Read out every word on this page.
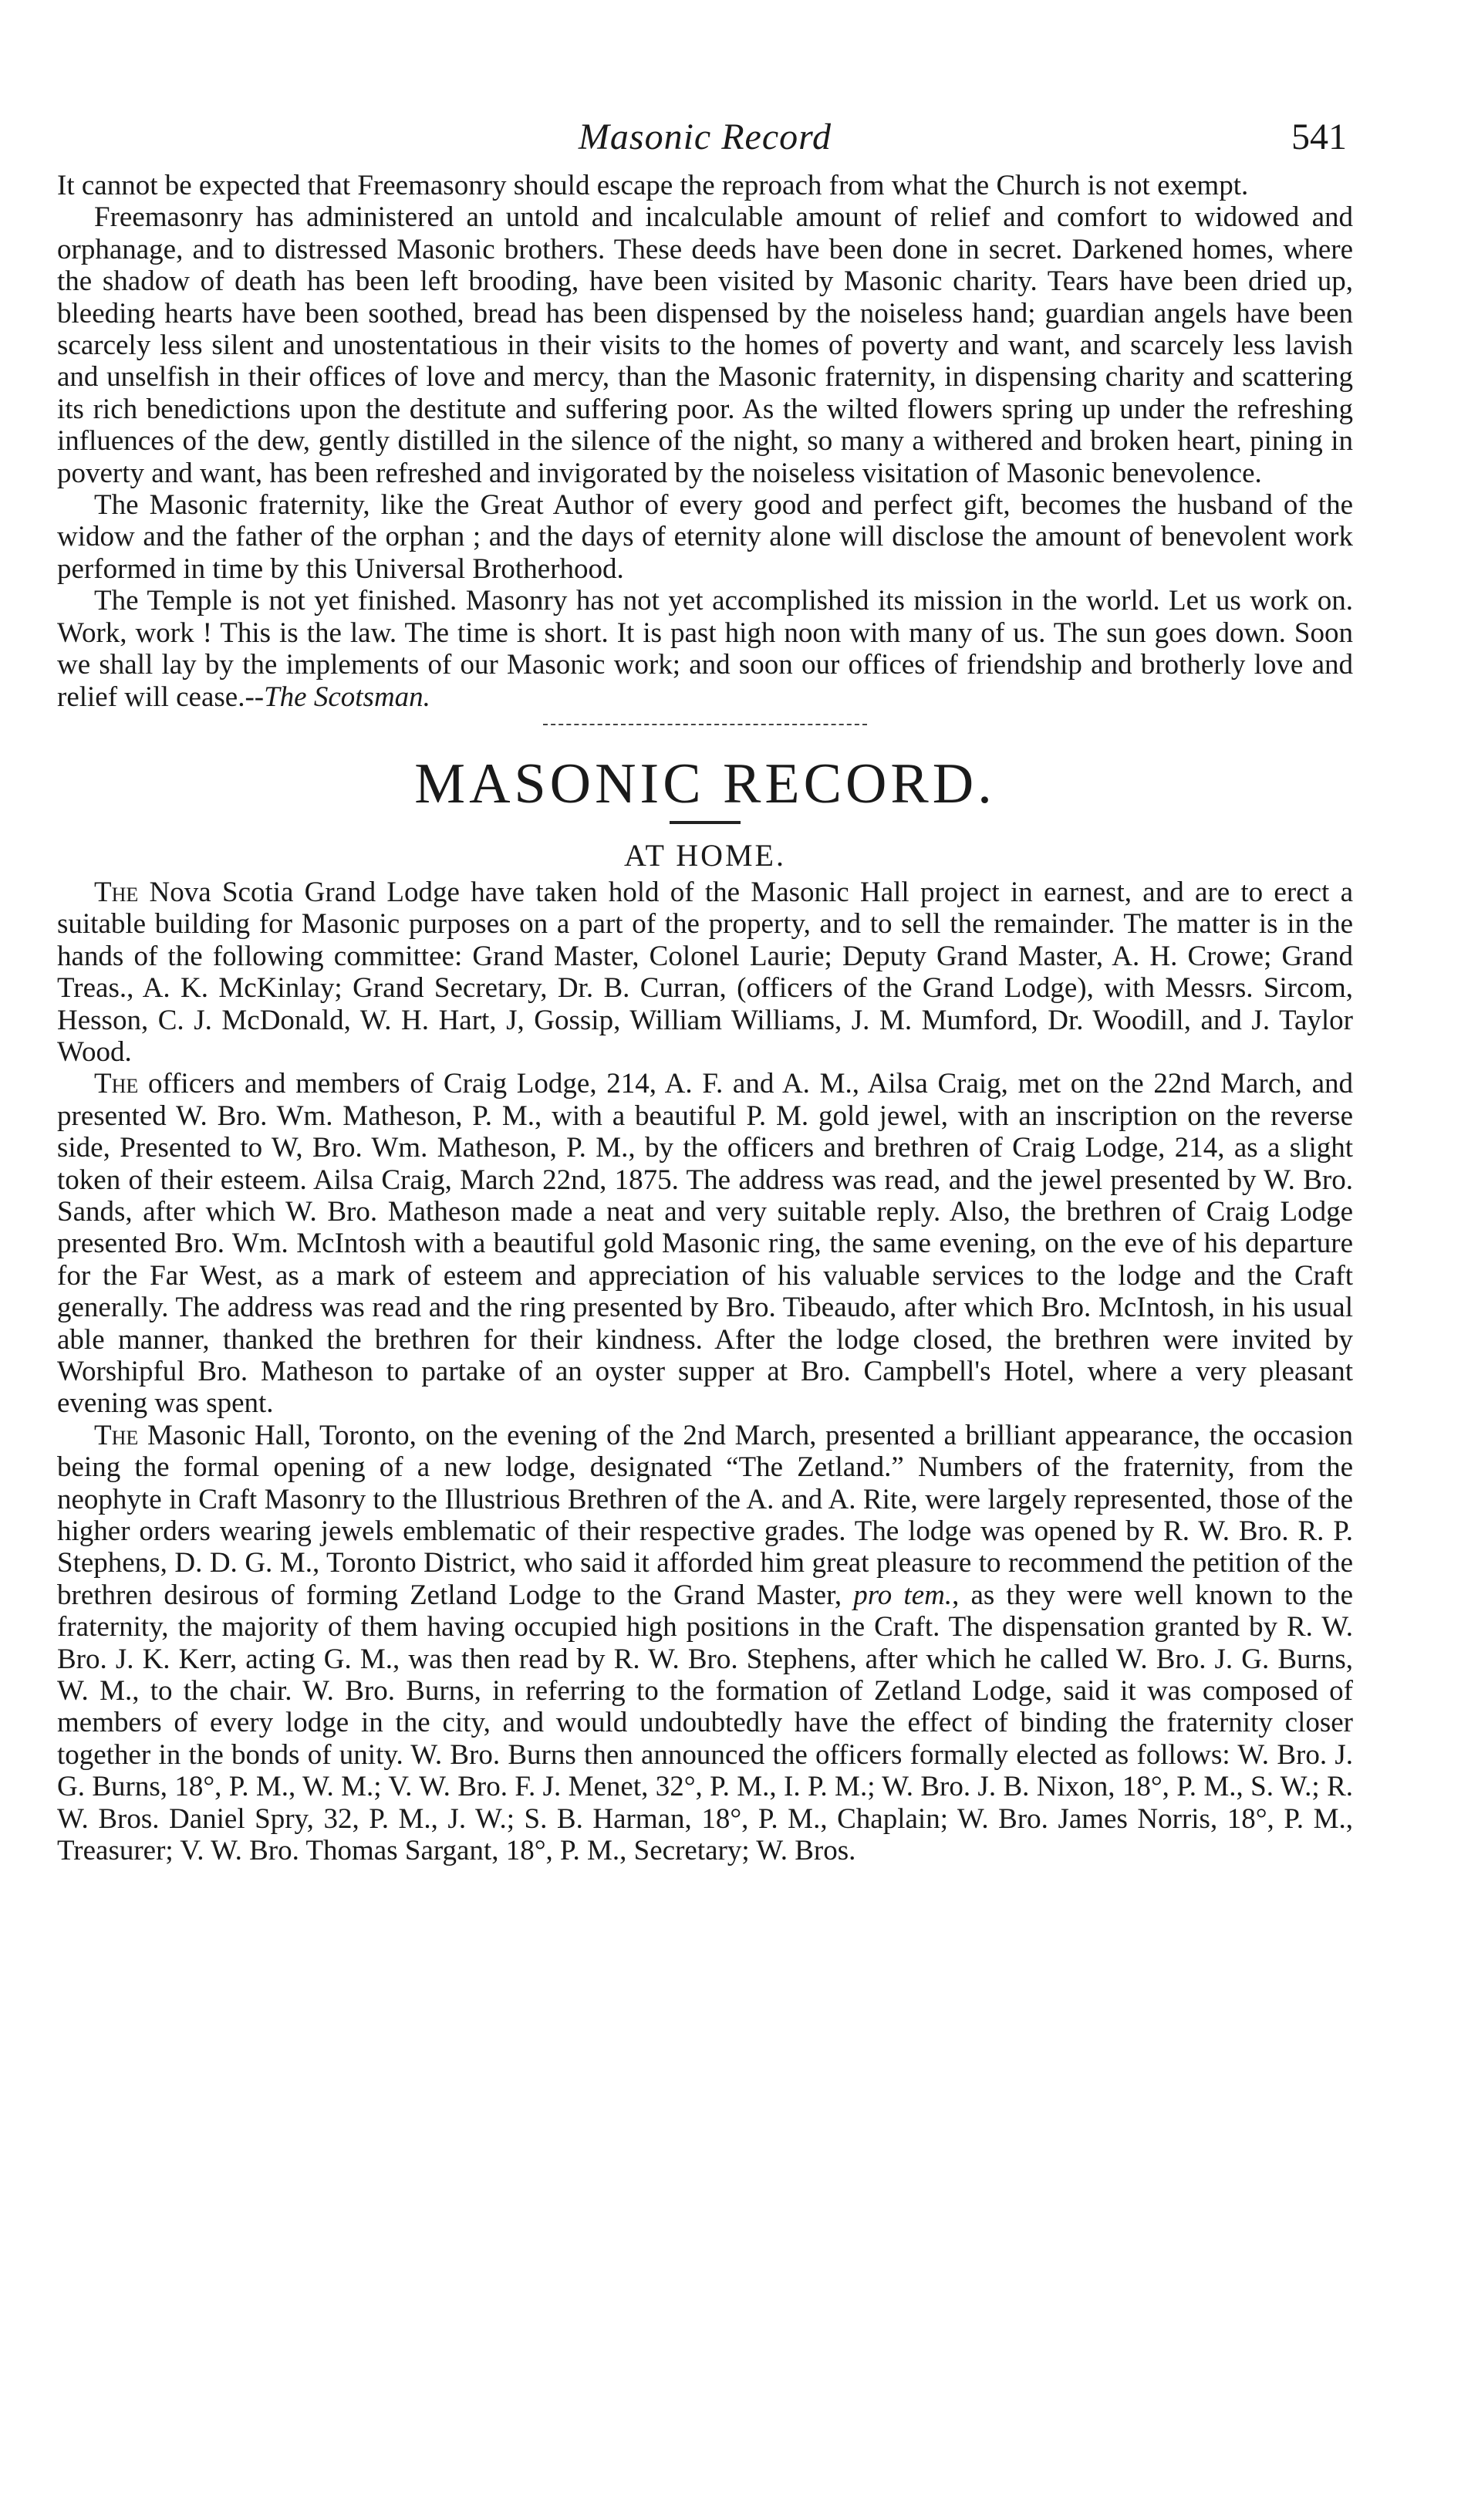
Masonic Record	541

It cannot be expected that Freemasonry should escape the reproach from what the Church is not exempt.

Freemasonry has administered an untold and incalculable amount of relief and comfort to widowed and orphanage, and to distressed Masonic brothers. These deeds have been done in secret. Darkened homes, where the shadow of death has been left brooding, have been visited by Masonic charity. Tears have been dried up, bleeding hearts have been soothed, bread has been dispensed by the noiseless hand; guardian angels have been scarcely less silent and unostentatious in their visits to the homes of poverty and want, and scarcely less lavish and unselfish in their offices of love and mercy, than the Masonic fraternity, in dispensing charity and scattering its rich benedictions upon the destitute and suffering poor. As the wilted flowers spring up under the refreshing influences of the dew, gently distilled in the silence of the night, so many a withered and broken heart, pining in poverty and want, has been refreshed and invigorated by the noiseless visitation of Masonic benevolence.

The Masonic fraternity, like the Great Author of every good and perfect gift, becomes the husband of the widow and the father of the orphan ; and the days of eternity alone will disclose the amount of benevolent work performed in time by this Universal Brotherhood.

The Temple is not yet finished. Masonry has not yet accomplished its mission in the world. Let us work on. Work, work ! This is the law. The time is short. It is past high noon with many of us. The sun goes down. Soon we shall lay by the implements of our Masonic work; and soon our offices of friendship and brotherly love and relief will cease.--The Scotsman.

MASONIC RECORD.
AT HOME.

The Nova Scotia Grand Lodge have taken hold of the Masonic Hall project in earnest, and are to erect a suitable building for Masonic purposes on a part of the property, and to sell the remainder. The matter is in the hands of the following committee: Grand Master, Colonel Laurie; Deputy Grand Master, A. H. Crowe; Grand Treas., A. K. McKinlay; Grand Secretary, Dr. B. Curran, (officers of the Grand Lodge), with Messrs. Sircom, Hesson, C. J. McDonald, W. H. Hart, J, Gossip, William Williams, J. M. Mumford, Dr. Woodill, and J. Taylor Wood.

The officers and members of Craig Lodge, 214, A. F. and A. M., Ailsa Craig, met on the 22nd March, and presented W. Bro. Wm. Matheson, P. M., with a beautiful P. M. gold jewel, with an inscription on the reverse side, Presented to W, Bro. Wm. Matheson, P. M., by the officers and brethren of Craig Lodge, 214, as a slight token of their esteem. Ailsa Craig, March 22nd, 1875. The address was read, and the jewel presented by W. Bro. Sands, after which W. Bro. Matheson made a neat and very suitable reply. Also, the brethren of Craig Lodge presented Bro. Wm. McIntosh with a beautiful gold Masonic ring, the same evening, on the eve of his departure for the Far West, as a mark of esteem and appreciation of his valuable services to the lodge and the Craft generally. The address was read and the ring presented by Bro. Tibeaudo, after which Bro. McIntosh, in his usual able manner, thanked the brethren for their kindness. After the lodge closed, the brethren were invited by Worshipful Bro. Matheson to partake of an oyster supper at Bro. Campbell's Hotel, where a very pleasant evening was spent.

The Masonic Hall, Toronto, on the evening of the 2nd March, presented a brilliant appearance, the occasion being the formal opening of a new lodge, designated “The Zetland.” Numbers of the fraternity, from the neophyte in Craft Masonry to the Illustrious Brethren of the A. and A. Rite, were largely represented, those of the higher orders wearing jewels emblematic of their respective grades. The lodge was opened by R. W. Bro. R. P. Stephens, D. D. G. M., Toronto District, who said it afforded him great pleasure to recommend the petition of the brethren desirous of forming Zetland Lodge to the Grand Master, pro tem., as they were well known to the fraternity, the majority of them having occupied high positions in the Craft. The dispensation granted by R. W. Bro. J. K. Kerr, acting G. M., was then read by R. W. Bro. Stephens, after which he called W. Bro. J. G. Burns, W. M., to the chair. W. Bro. Burns, in referring to the formation of Zetland Lodge, said it was composed of members of every lodge in the city, and would undoubtedly have the effect of binding the fraternity closer together in the bonds of unity. W. Bro. Burns then announced the officers formally elected as follows: W. Bro. J. G. Burns, 18°, P. M., W. M.; V. W. Bro. F. J. Menet, 32°, P. M., I. P. M.; W. Bro. J. B. Nixon, 18°, P. M., S. W.; R. W. Bros. Daniel Spry, 32, P. M., J. W.; S. B. Harman, 18°, P. M., Chaplain; W. Bro. James Norris, 18°, P. M., Treasurer; V. W. Bro. Thomas Sargant, 18°, P. M., Secretary; W. Bros.
